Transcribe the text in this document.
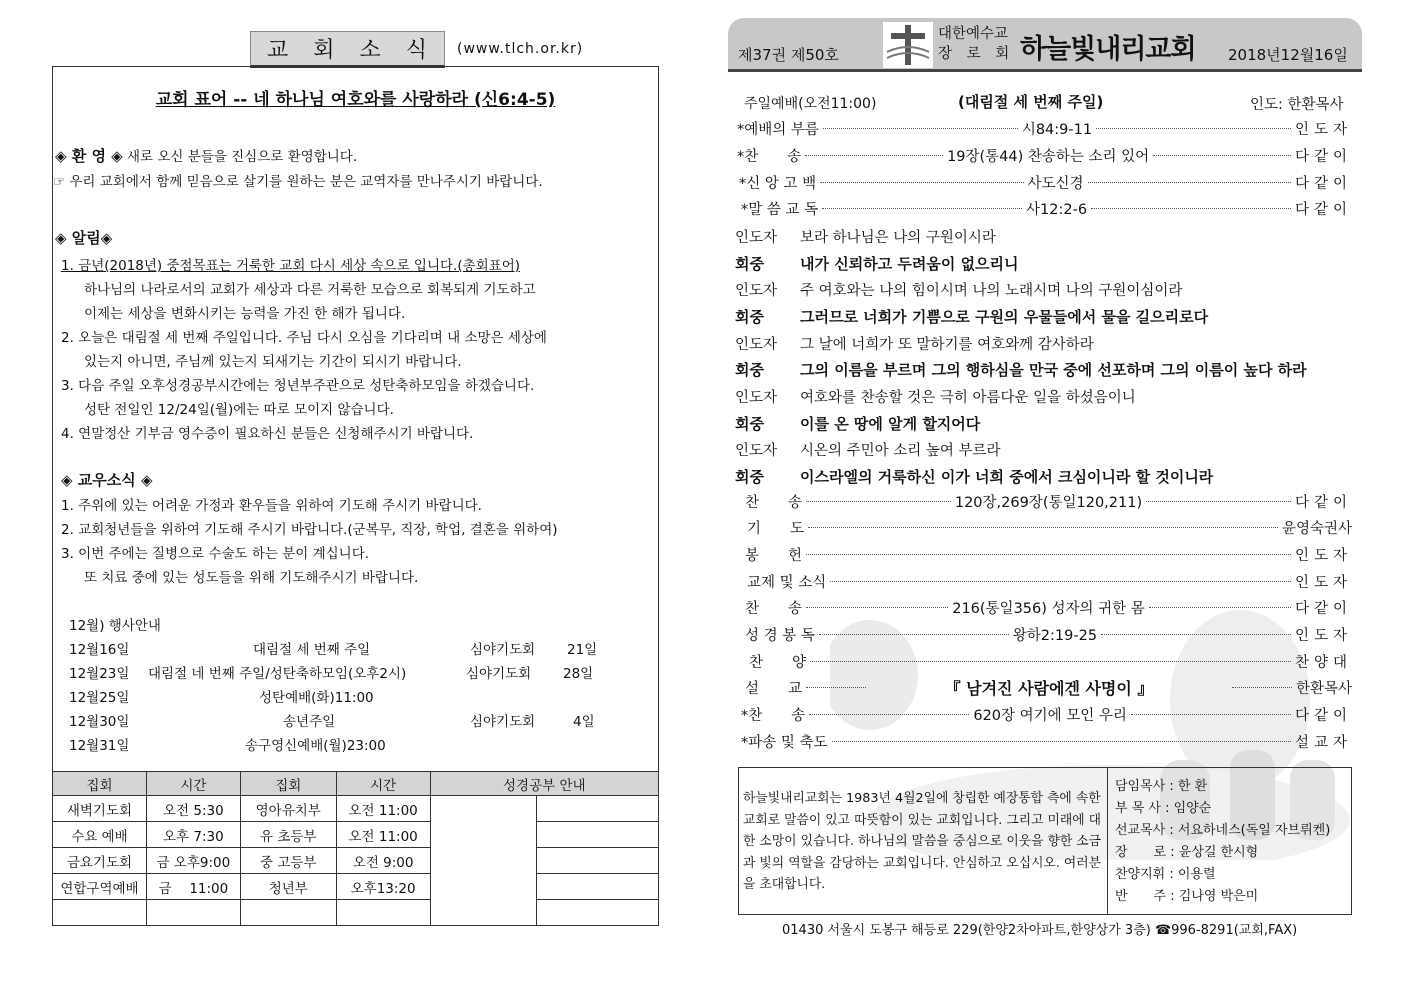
교 회 소 식	(www.tlch.or.kr)
교회 표어 -- 네 하나님 여호와를 사랑하라 (신6:4-5)
◈ 환 영 ◈ 새로 오신 분들을 진심으로 환영합니다.
☞ 우리 교회에서 함께 믿음으로 살기를 원하는 분은 교역자를 만나주시기 바랍니다.
◈ 알림◈
1. 금년(2018년) 중점목표는 거룩한 교회 다시 세상 속으로 입니다.(총회표어)
하나님의 나라로서의 교회가 세상과 다른 거룩한 모습으로 회복되게 기도하고
이제는 세상을 변화시키는 능력을 가진 한 해가 됩니다.
2. 오늘은 대림절 세 번째 주일입니다. 주님 다시 오심을 기다리며 내 소망은 세상에
있는지 아니면, 주님께 있는지 되새기는 기간이 되시기 바랍니다.
3. 다음 주일 오후성경공부시간에는 청년부주관으로 성탄축하모임을 하겠습니다.
성탄 전일인 12/24일(월)에는 따로 모이지 않습니다.
4. 연말정산 기부금 영수증이 필요하신 분들은 신청해주시기 바랍니다.
◈ 교우소식 ◈
1. 주위에 있는 어려운 가정과 환우들을 위하여 기도해 주시기 바랍니다.
2. 교회청년들을 위하여 기도해 주시기 바랍니다.(군복무, 직장, 학업, 결혼을 위하여)
3. 이번 주에는 질병으로 수술도 하는 분이 계십니다.
또 치료 중에 있는 성도들을 위해 기도해주시기 바랍니다.
12월) 행사안내
12월16일	대림절 세 번째 주일	심야기도회 21일
12월23일 대림절 네 번째 주일/성탄축하모임(오후2시)	심야기도회 28일
12월25일	성탄예배(화)11:00
12월30일	송년주일	심야기도회	4일
12월31일	송구영신예배(월)23:00
집회	시간	집회	시간	성경공부 안내	
새벽기도회	오전 5:30	영아유치부	오전 11:00		
수요 예배	오후 7:30	유 초등부	오전 11:00		
금요기도회	금 오후9:00	중 고등부	오전 9:00		
연합구역예배	금　 11:00	청년부	오후13:20		

제37권 제50호
대한예수교
장 로 회 하늘빛내리교회 2018년12월16일
주일예배(오전11:00)	(대림절 세 번째 주일)	인도: 한환목사
*예배의 부름	시84:9-11	인도자
*찬　　송	19장(통44) 찬송하는 소리 있어	다같이
*신 앙 고 백	사도신경	다같이
*말 씀 교 독	사12:2-6	다같이
인도자 보라 하나님은 나의 구원이시라
회중 내가 신뢰하고 두려움이 없으리니
인도자 주 여호와는 나의 힘이시며 나의 노래시며 나의 구원이심이라
회중 그러므로 너희가 기쁨으로 구원의 우물들에서 물을 길으리로다
인도자 그 날에 너희가 또 말하기를 여호와께 감사하라
회중 그의 이름을 부르며 그의 행하심을 만국 중에 선포하며 그의 이름이 높다 하라
인도자 여호와를 찬송할 것은 극히 아름다운 일을 하셨음이니
회중 이를 온 땅에 알게 할지어다
인도자 시온의 주민아 소리 높여 부르라
회중 이스라엘의 거룩하신 이가 너희 중에서 크심이니라 할 것이니라
찬　　송	120장,269장(통일120,211)	다같이
기　　도	윤영숙권사
봉　　헌	인도자
교제 및 소식	인도자
찬　　송	216(통일356) 성자의 귀한 몸	다같이
성 경 봉 독	왕하2:19-25	인도자
찬　　양	찬양대
설　　교	『 남겨진 사람에겐 사명이 』	한환목사
*찬　　송	620장 여기에 모인 우리	다같이
*파송 및 축도	설교자
하늘빛내리교회는 1983년 4월2일에 창립한 예장통합 측에 속한 교회로 말씀이 있고 따뜻함이 있는 교회입니다. 그리고 미래에 대한 소망이 있습니다. 하나님의 말씀을 중심으로 이웃을 향한 소금과 빛의 역할을 감당하는 교회입니다. 안심하고 오십시오. 여러분을 초대합니다.
담임목사 : 한 환
부 목 사 : 임양순
선교목사 : 서요하네스(독일 자브뤼켄)
장　　로 : 윤상길 한시형
찬양지휘 : 이용렬
반　　주 : 김나영 박은미
01430 서울시 도봉구 해등로 229(한양2차아파트,한양상가 3층) ☎996-8291(교회,FAX)
